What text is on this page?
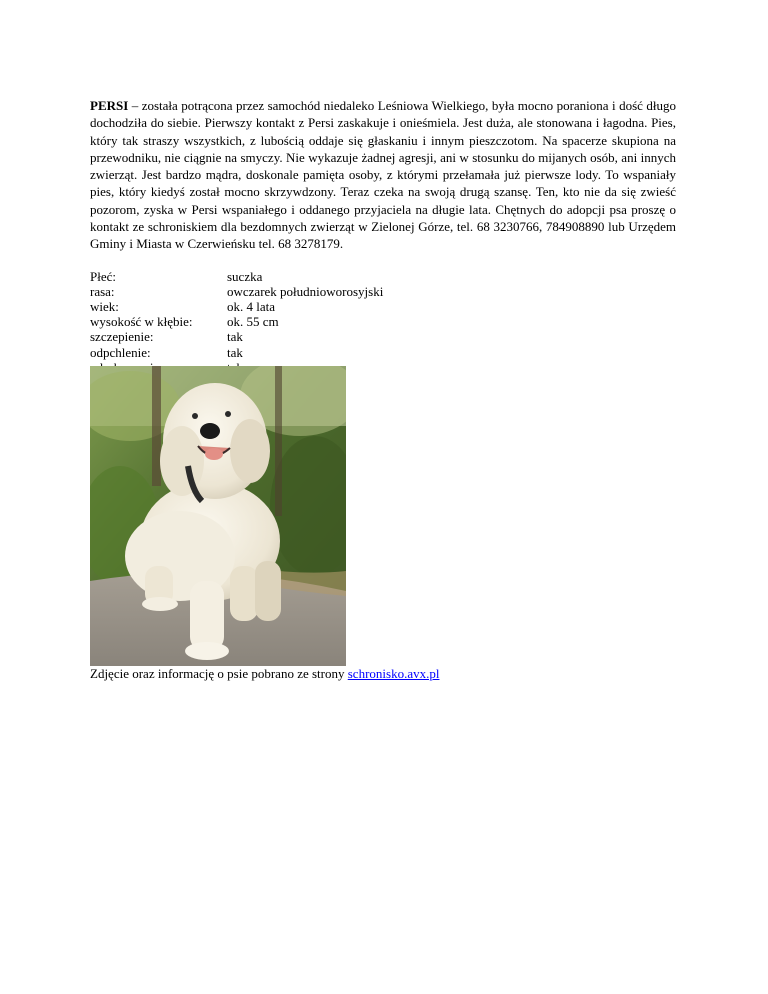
PERSI – została potrącona przez samochód niedaleko Leśniowa Wielkiego, była mocno poraniona i dość długo dochodziła do siebie. Pierwszy kontakt z Persi zaskakuje i onieśmiela. Jest duża, ale stonowana i łagodna. Pies, który tak straszy wszystkich, z lubością oddaje się głaskaniu i innym pieszczotom. Na spacerze skupiona na przewodniku, nie ciągnie na smyczy. Nie wykazuje żadnej agresji, ani w stosunku do mijanych osób, ani innych zwierząt. Jest bardzo mądra, doskonale pamięta osoby, z którymi przełamała już pierwsze lody. To wspaniały pies, który kiedyś został mocno skrzywdzony. Teraz czeka na swoją drugą szansę. Ten, kto nie da się zwieść pozorom, zyska w Persi wspaniałego i oddanego przyjaciela na długie lata. Chętnych do adopcji psa proszę o kontakt ze schroniskiem dla bezdomnych zwierząt w Zielonej Górze, tel. 68 3230766, 784908890 lub Urzędem Gminy i Miasta w Czerwieńsku tel. 68 3278179.

Płeć:	suczka
rasa:	owczarek południoworosyjski
wiek:	ok. 4 lata
wysokość w kłębie:	ok. 55 cm
szczepienie:	tak
odpchlenie:	tak
Zdjęcie oraz informację o psie pobrano ze strony schronisko.avx.pl
